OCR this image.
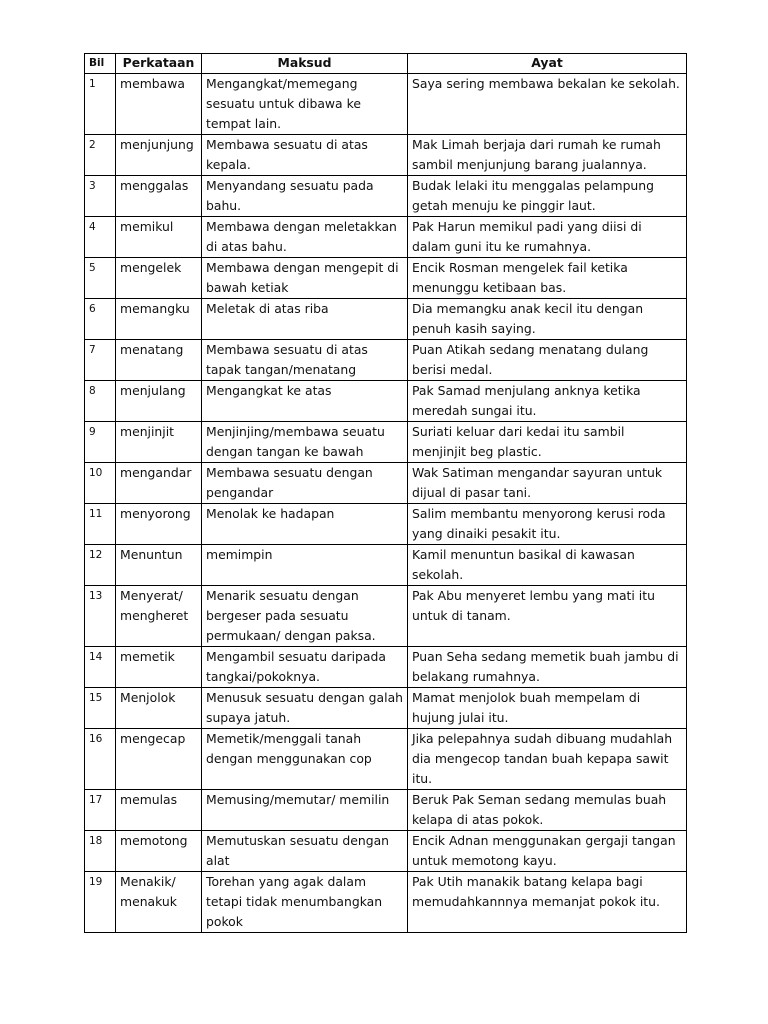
Bil	Perkataan	Maksud	Ayat
1	membawa	Mengangkat/memegang sesuatu untuk dibawa ke tempat lain.	Saya sering membawa bekalan ke sekolah.
2	menjunjung	Membawa sesuatu di atas kepala.	Mak Limah berjaja dari rumah ke rumah sambil menjunjung barang jualannya.
3	menggalas	Menyandang sesuatu pada bahu.	Budak lelaki itu menggalas pelampung getah menuju ke pinggir laut.
4	memikul	Membawa dengan meletakkan di atas bahu.	Pak Harun memikul padi yang diisi di dalam guni itu ke rumahnya.
5	mengelek	Membawa dengan mengepit di bawah ketiak	Encik Rosman mengelek fail ketika menunggu ketibaan bas.
6	memangku	Meletak di atas riba	Dia memangku anak kecil itu dengan penuh kasih saying.
7	menatang	Membawa sesuatu di atas tapak tangan/menatang	Puan Atikah sedang menatang dulang berisi medal.
8	menjulang	Mengangkat ke atas	Pak Samad menjulang anknya ketika meredah sungai itu.
9	menjinjit	Menjinjing/membawa seuatu dengan tangan ke bawah	Suriati keluar dari kedai itu sambil menjinjit beg plastic.
10	mengandar	Membawa sesuatu dengan pengandar	Wak Satiman mengandar sayuran untuk dijual di pasar tani.
11	menyorong	Menolak ke hadapan	Salim membantu menyorong kerusi roda yang dinaiki pesakit itu.
12	Menuntun	memimpin	Kamil menuntun basikal di kawasan sekolah.
13	Menyerat/ mengheret	Menarik sesuatu dengan bergeser pada sesuatu permukaan/ dengan paksa.	Pak Abu menyeret lembu yang mati itu untuk di tanam.
14	memetik	Mengambil sesuatu daripada tangkai/pokoknya.	Puan Seha sedang memetik buah jambu di belakang rumahnya.
15	Menjolok	Menusuk sesuatu dengan galah supaya jatuh.	Mamat menjolok buah mempelam di hujung julai itu.
16	mengecap	Memetik/menggali tanah dengan menggunakan cop	Jika pelepahnya sudah dibuang mudahlah dia mengecop tandan buah kepapa sawit itu.
17	memulas	Memusing/memutar/ memilin	Beruk Pak Seman sedang memulas buah kelapa di atas pokok.
18	memotong	Memutuskan sesuatu dengan alat	Encik Adnan menggunakan gergaji tangan untuk memotong kayu.
19	Menakik/ menakuk	Torehan yang agak dalam tetapi tidak menumbangkan pokok	Pak Utih manakik batang kelapa bagi memudahkannnya memanjat pokok itu.
